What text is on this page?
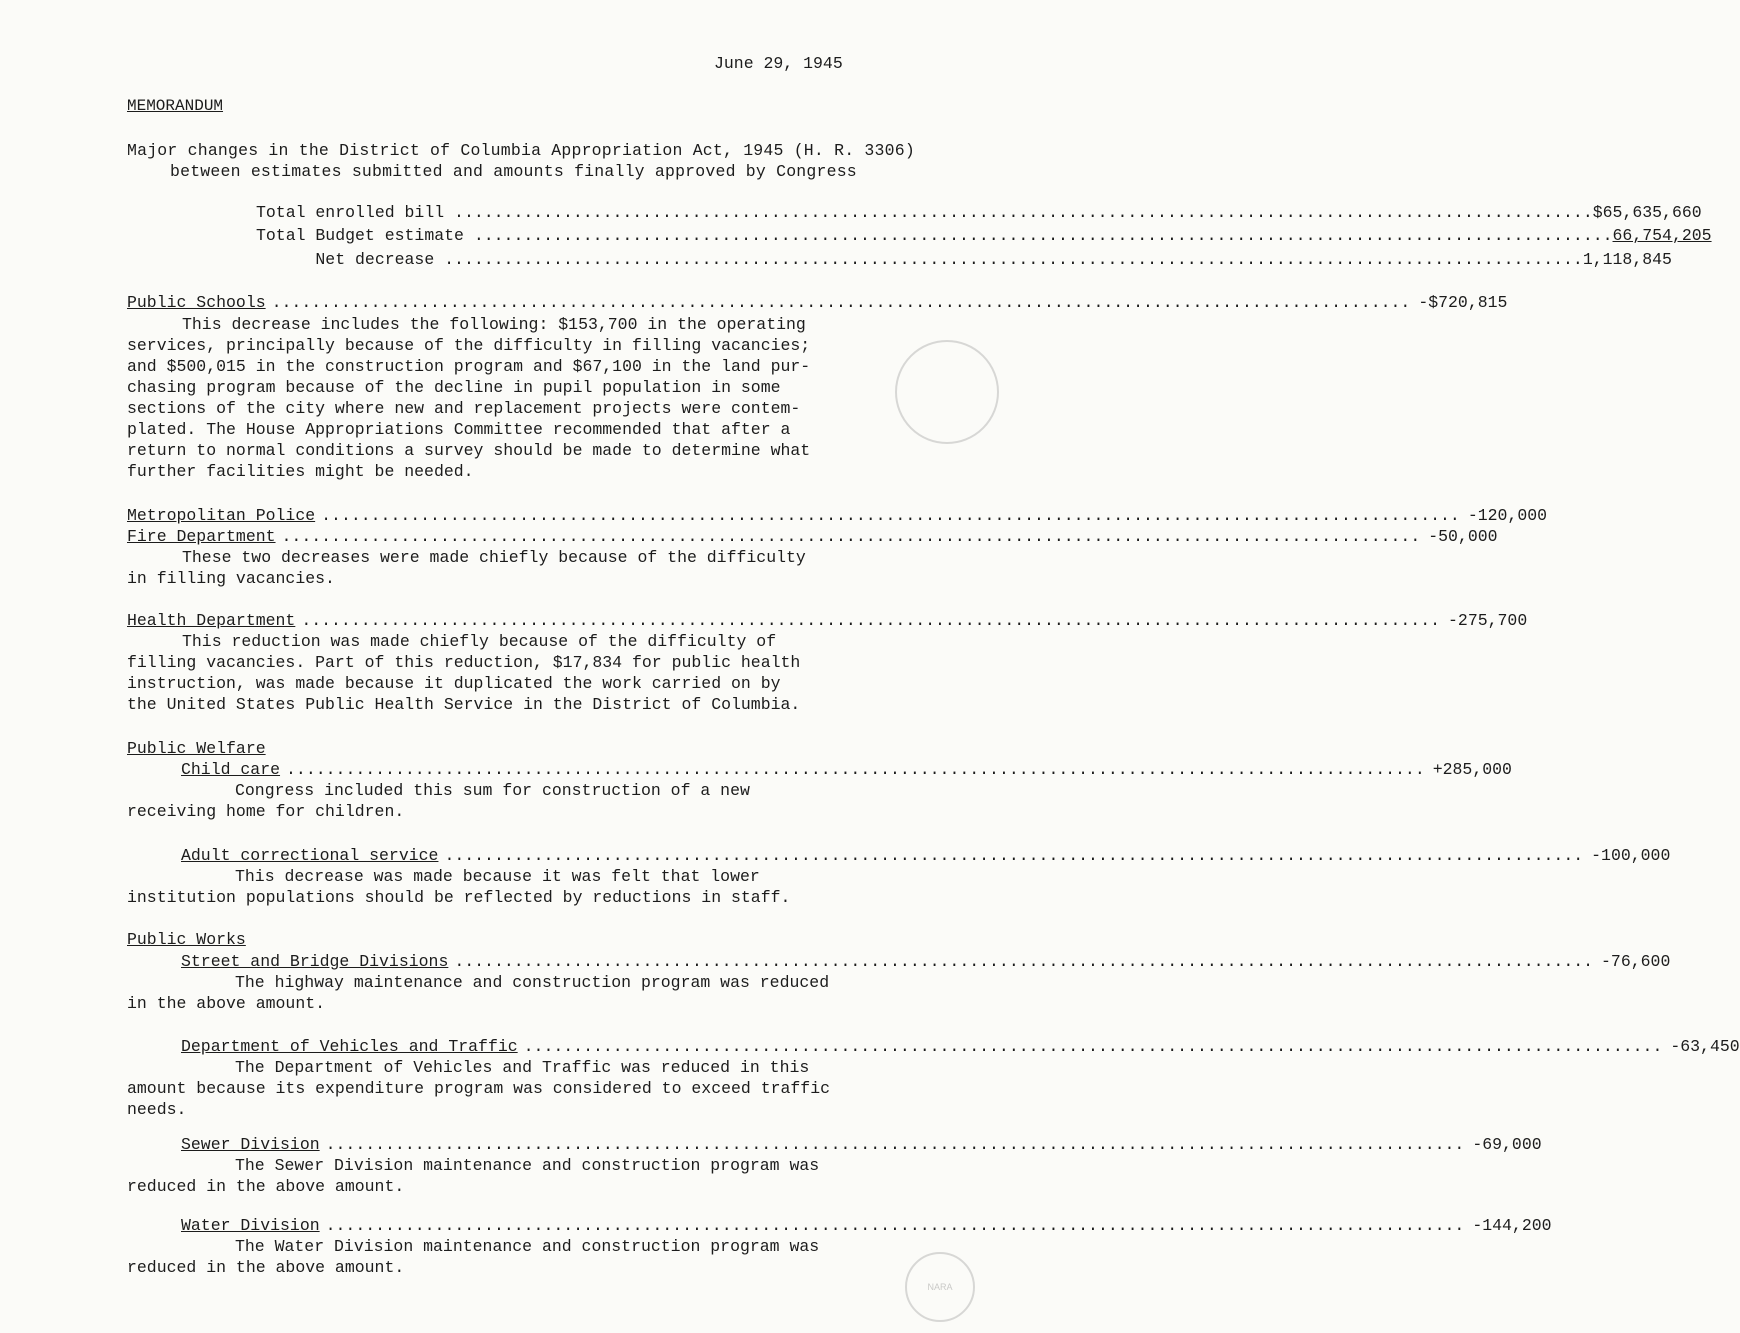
June 29, 1945
MEMORANDUM
Major changes in the District of Columbia Appropriation Act, 1945 (H. R. 3306)
between estimates submitted and amounts finally approved by Congress
Total enrolled bill ................................................................................................................... $65,635,660
Total Budget estimate ................................................................................................................... 66,754,205
Net decrease ................................................................................................................... 1,118,845
Public Schools ................................................................................................................... -$720,815
This decrease includes the following: $153,700 in the operating
services, principally because of the difficulty in filling vacancies;
and $500,015 in the construction program and $67,100 in the land pur-
chasing program because of the decline in pupil population in some
sections of the city where new and replacement projects were contem-
plated. The House Appropriations Committee recommended that after a
return to normal conditions a survey should be made to determine what
further facilities might be needed.
Metropolitan Police ................................................................................................................... -120,000
Fire Department ................................................................................................................... -50,000
These two decreases were made chiefly because of the difficulty
in filling vacancies.
Health Department ................................................................................................................... -275,700
This reduction was made chiefly because of the difficulty of
filling vacancies. Part of this reduction, $17,834 for public health
instruction, was made because it duplicated the work carried on by
the United States Public Health Service in the District of Columbia.
Public Welfare
Child care ................................................................................................................... +285,000
Congress included this sum for construction of a new
receiving home for children.
Adult correctional service ................................................................................................................... -100,000
This decrease was made because it was felt that lower
institution populations should be reflected by reductions in staff.
Public Works
Street and Bridge Divisions ................................................................................................................... -76,600
The highway maintenance and construction program was reduced
in the above amount.
Department of Vehicles and Traffic ................................................................................................................... -63,450
The Department of Vehicles and Traffic was reduced in this
amount because its expenditure program was considered to exceed traffic
needs.
Sewer Division ................................................................................................................... -69,000
The Sewer Division maintenance and construction program was
reduced in the above amount.
Water Division ................................................................................................................... -144,200
The Water Division maintenance and construction program was
reduced in the above amount.
NARA
